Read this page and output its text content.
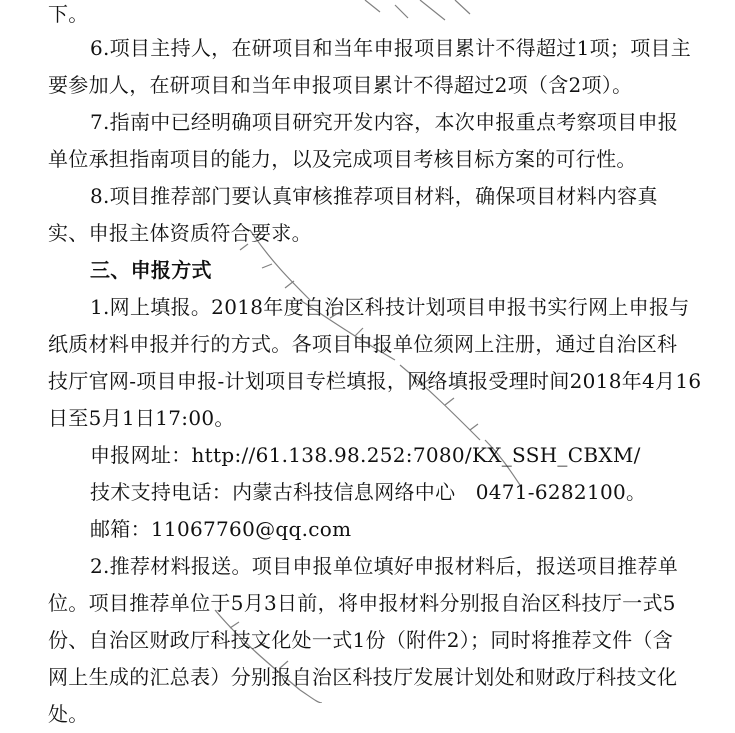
下。
6.项目主持人，在研项目和当年申报项目累计不得超过1项；项目主
要参加人，在研项目和当年申报项目累计不得超过2项（含2项）。
7.指南中已经明确项目研究开发内容，本次申报重点考察项目申报
单位承担指南项目的能力，以及完成项目考核目标方案的可行性。
8.项目推荐部门要认真审核推荐项目材料，确保项目材料内容真
实、申报主体资质符合要求。
三、申报方式
1.网上填报。2018年度自治区科技计划项目申报书实行网上申报与
纸质材料申报并行的方式。各项目申报单位须网上注册，通过自治区科
技厅官网-项目申报-计划项目专栏填报，网络填报受理时间2018年4月16
日至5月1日17:00。
申报网址：http://61.138.98.252:7080/KX_SSH_CBXM/
技术支持电话：内蒙古科技信息网络中心　0471-6282100。
邮箱：11067760@qq.com
2.推荐材料报送。项目申报单位填好申报材料后，报送项目推荐单
位。项目推荐单位于5月3日前，将申报材料分别报自治区科技厅一式5
份、自治区财政厅科技文化处一式1份（附件2）；同时将推荐文件（含
网上生成的汇总表）分别报自治区科技厅发展计划处和财政厅科技文化
处。
